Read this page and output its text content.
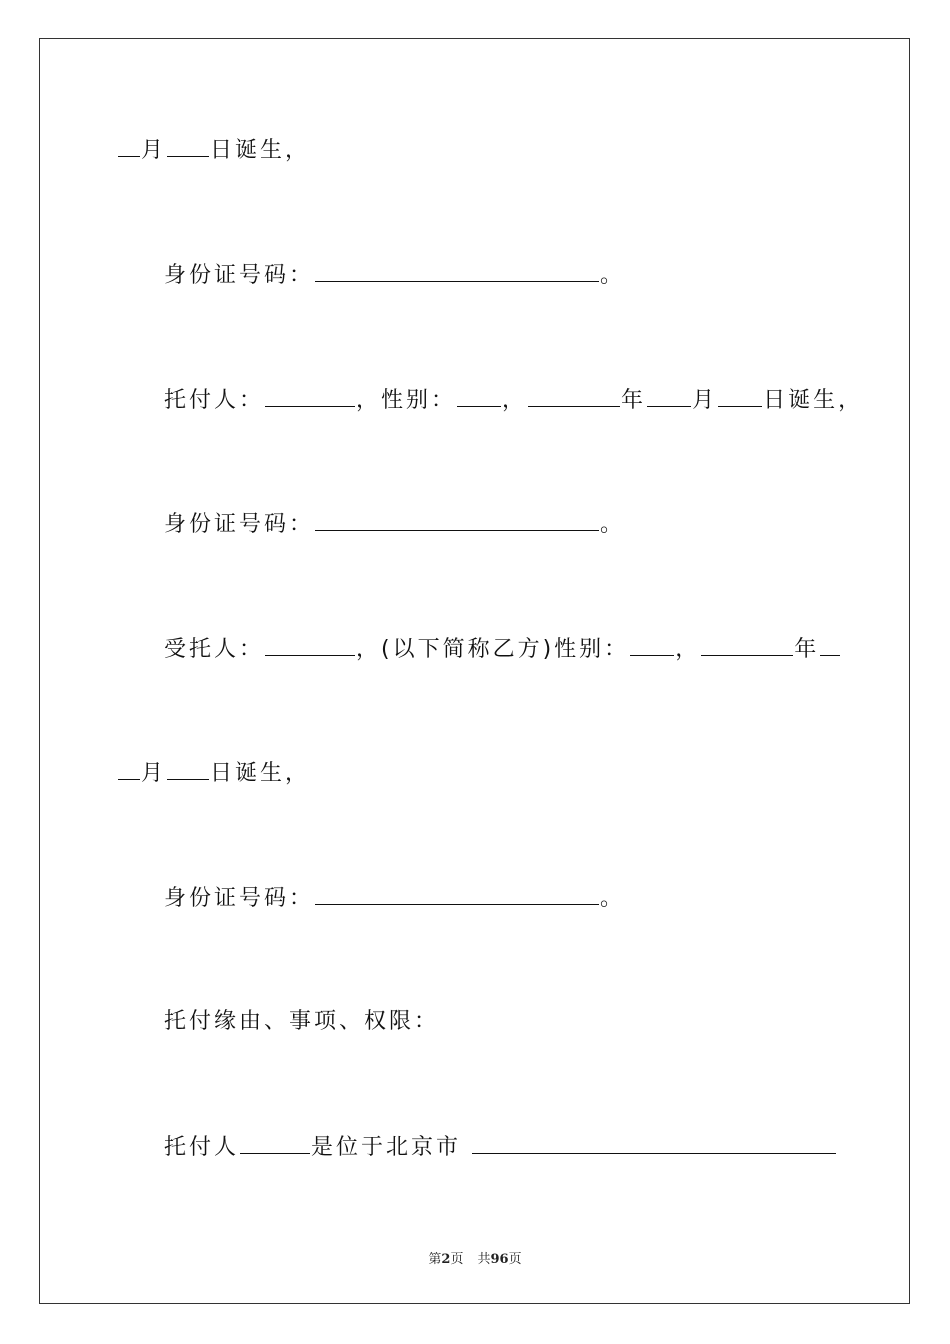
月 日诞生，
身份证号码：	。
托付人：	，性别： ，	年 月 日诞生，
身份证号码：	。
受托人：	，(以下简称乙方)性别： ，	年
月 日诞生，
身份证号码：	。
托付缘由、事项、权限：
托付人	是位于北京市
第2页 共96页
